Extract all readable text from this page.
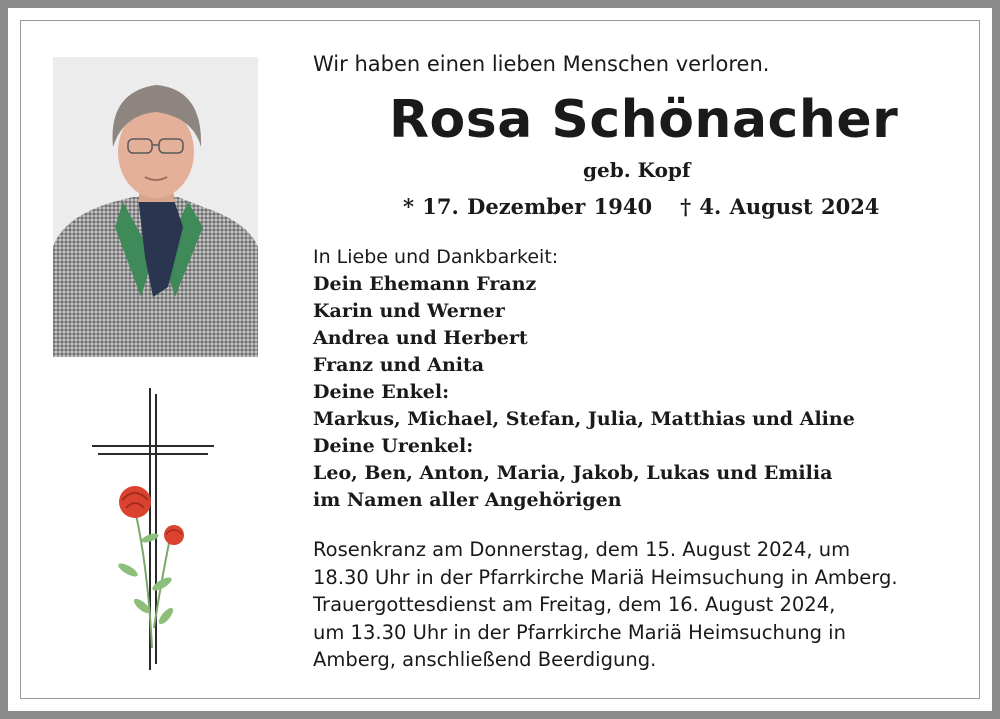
Wir haben einen lieben Menschen verloren.
Rosa Schönacher
geb. Kopf
* 17. Dezember 1940 † 4. August 2024
In Liebe und Dankbarkeit:
Dein Ehemann Franz
Karin und Werner
Andrea und Herbert
Franz und Anita
Deine Enkel:
Markus, Michael, Stefan, Julia, Matthias und Aline
Deine Urenkel:
Leo, Ben, Anton, Maria, Jakob, Lukas und Emilia
im Namen aller Angehörigen
Rosenkranz am Donnerstag, dem 15. August 2024, um
18.30 Uhr in der Pfarrkirche Mariä Heimsuchung in Amberg.
Trauergottesdienst am Freitag, dem 16. August 2024,
um 13.30 Uhr in der Pfarrkirche Mariä Heimsuchung in
Amberg, anschließend Beerdigung.
